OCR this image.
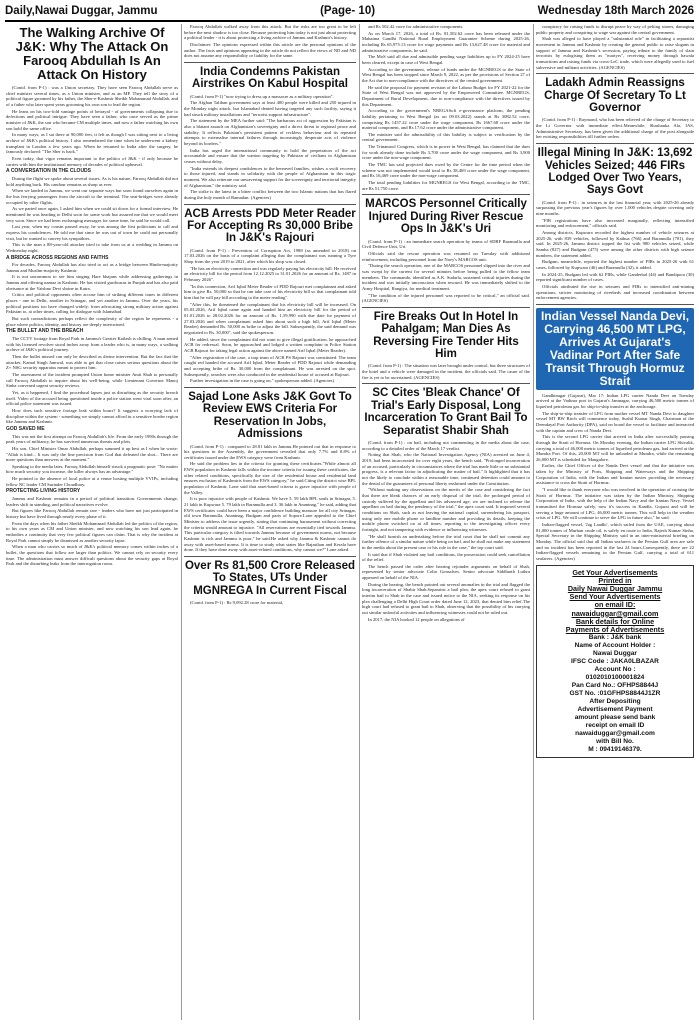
Daily,Nawai Duggar, Jammu	(Page- 10)	Wednesday 18th March 2026
The Walking Archive Of J&K: Why The Attack On Farooq Abdullah Is An Attack On History

(Contd. from P-1) : was a Union secretary. They have seen Farooq Abdullah serve as chief minister several times, as a Union minister, and as an MP. They tell the story of a political figure groomed by his father, the Sher-e-Kashmir Sheikh Mohammad Abdullah, and of a father who later spent years grooming his own son to lead the region.

He leans on his two-fold vantage points of betrayal - of governments collapsing due to defections and political intrigue. They have seen a father, who once served as the prime minister of J&K, the son who became CM multiple times, and now a father watching his own son hold the same office.

In many ways, as I sat there at 90,000 feet, it felt as though I was sitting next to a living archive of J&K's political history. I also remembered the time when he underwent a kidney transplant in London a few years ago. When he returned to India after the surgery, he famously declared: "The Sher is back."

Even today, that vigor remains important to the politics of J&K - if only because he carries with him the institutional memory of decades of political upheaval.

A CONVERSATION IN THE CLOUDS

During the flight we spoke about several issues. As is his nature, Farooq Abdullah did not hold anything back. His candour remains as sharp as ever.

When we landed in Jammu, we went our separate ways but soon found ourselves again in the bus ferrying passengers from the aircraft to the terminal. The seat-bridges were already occupied by other flights.

As we parted once again, I asked him when we could sit down for a formal interview. He mentioned he was heading to Delhi soon for some work but assured me that we would meet very soon. Since we had been exchanging messages for some time, he said he would call.

Last year, when my cousin passed away, he was among the first politicians to call and express his condolences. He told me that since he was out of town he could not personally visit, but he wanted to convey his sympathies.

This is the man a 88-year-old attacker tried to take from us at a wedding in Jammu on Wednesday night.

A BRIDGE ACROSS REGIONS AND FAITHS

For decades, Farooq Abdullah has also tried to act as a bridge between Hindu-majority Jammu and Muslim-majority Kashmir.

It is not uncommon to see him singing Hare bhajans while addressing gatherings in Jammu and offering namaz in Kashmir. He has visited gurdwaras in Punjab and has also paid obeisance at the Vaishno Devi shrine in Katra.

Critics and political opponents often accuse him of striking different tones in different places - one in Delhi, another in Srinagar, and yet another in Jammu. Over the years, his political positions too have changed widely: from advocating strong military action against Pakistan to, at other times, calling for dialogue with Islamabad.

But such contradictions perhaps reflect the complexity of the region he represents - a place where politics, identity, and history are deeply intertwined.

THE BULLET AND THE BREACH

The CCTV footage from Royal Park in Jammu's Greater Kailash is chilling. A man armed with his licensed revolver stood inches away from a leader who is, in many ways, a walking archive of J&K's political journey.

Then the bullet missed can only be described as divine intervention. But the fact that the attacker, Kamal Singh Jamwal, was able to get that close raises serious questions about the Z+ NSG security apparatus meant to protect him.

The assessment of the incident prompted Union home minister Amit Shah to personally call Farooq Abdullah to inquire about his well-being, while Lieutenant Governor Manoj Sinha convened urgent security reviews.

Yet, as it happened, I find the procedural lapses just as disturbing as the security breach itself. Video of the accused being questioned inside a police station went viral soon after, an official police statement was issued.

How does such sensitive footage leak within hours? It suggests a worrying lack of discipline within the system - something we simply cannot afford in a sensitive border region like Jammu and Kashmir.

GOD SAVED ME

This was not the first attempt on Farooq Abdullah's life. From the early 1990s through the peak years of militancy, he has survived numerous threats and plots.

His son, Chief Minister Omar Abdullah, perhaps summed it up best as I when he wrote: "Allah is kind... It was only the fine precision from God that defeated the shot... There are more questions than answers at the moment."

Speaking to the media later, Farooq Abdullah himself struck a pragmatic pose: "No matter how much security you increase, the killer always has an advantage."

He pointed to the absence of local police at a venue hosting multiple VVIPs, including fellow NC leader CM Surinder Choudhary.

PROTECTING LIVING HISTORY

Jammu and Kashmir remains in a period of political transition. Governments change, leaders shift in standing, and political narratives evolve.

But figures like Farooq Abdullah remain rare - leaders who have not just participated in history but have lived through nearly every phase of it.

From the days when his father Sheikh Mohammad Abdullah led the politics of the region, to his own years as CM and Union minister, and now watching his son lead again, he embodies a continuity that very few political figures can claim. That is why the incident at Royal Park cannot simply be dismissed as another security lapse.

When a man who carries so much of J&K's political memory comes within inches of a bullet, the questions that follow are larger than politics. We cannot rely on security every time. The administration must answer difficult questions about the security gaps at Royal Park and the disturbing leaks from the interrogation room.

Farooq Abdullah walked away from this attack. But the risks are too great to be left before the next shadow is too close. Because protecting him today is not just about protecting a political leader - it is about protecting a living archive of Jammu and Kashmir's history.

Disclaimer: The opinions expressed within this article are the personal opinions of the author. The facts and opinions appearing in the article do not reflect the views of ND and ND does not assume any responsibility or liability for the same.

India Condemns Pakistan Airstrikes On Kabul Hospital

(Contd. from P-1) "now trying to dress up a massacre as a military operation".

The Afghan Taliban government says at least 400 people were killed and 250 injured in the Monday night attack, but Islamabad denied having targeted any such facility, saying it had struck military installations and "terrorist support infrastructure".

The statement by the MEA further said: "The barbarous act of aggression by Pakistan is also a blatant assault on Afghanistan's sovereignty and a direct threat to regional peace and stability. It reflects Pakistan's persistent pattern of reckless behaviour and its repeated attempts to externalise internal failures through increasingly desperate acts of violence beyond its borders."

India has urged the international community to hold the perpetrators of the act accountable and ensure that the wanton targeting by Pakistan of civilians in Afghanistan ceases without delay.

"India extends its deepest condolences to the bereaved families, wishes a swift recovery to those injured, and stands in solidarity with the people of Afghanistan in this tragic moment. We also reiterate our unwavering support for the sovereignty and territorial integrity of Afghanistan," the ministry said.

The strike is the latest in a bitter conflict between the two Islamic nations that has flared during the holy month of Ramadan. (Agencies)

ACB Arrests PDD Meter Reader For Accepting Rs 30,000 Bribe In J&K's Rajouri

(Contd. from P-1) : Prevention of Corruption Act, 1988 (as amended in 2018) on 17.03.2026 on the basis of a complaint alleging that the complainant was running a Tyre Shop from the year 2019 to 2021, after which his shop was closed.

"He has an electricity connection and was regularly paying his electricity bill. He received an electricity bill for the period from 12.12.2025 to 31.01.2026 for an amount of Rs. 1487 in February 2026".

"In this connection, Arif Iqbal Meter Reader of PDD Rajouri met complainant and asked him to give Rs. 50,000 so that he can take care of his electricity bill so that complainant told him that he will pay bill according to the meter reading".

"After this, he threatened the complainant that his electricity bill will be increased. On 05.03.2026, Arif Iqbal came again and handed him an electricity bill for the period of 01.01.2026 to 28.02.2026 for an amount of Rs. 1,59,990 with due date for payment of 27.03.2026 and when complainant asked him about such a high bill, Arif Iqbal (Meter Reader) demanded Rs. 50,000 as bribe to adjust the bill. Subsequently, the said demand was negotiated to Rs. 30,000", said the spokesperson.

He added, since the complainant did not want to give illegal gratification, he approached ACB for redressal. Soon, he approached and lodged a written complaint in Police Station ACB Rajouri for taking legal action against the above named Arif Iqbal (Meter Reader).

"After registration of the case, a trap team of ACB PS Rajouri was constituted. The team caught red handed the accused Arif Iqbal, Meter Reader of PDD Rajouri while demanding and accepting bribe of Rs. 30,000 from the complainant. He was arrested on the spot. Subsequently, searches were also conducted in the residential house of accused at Rajouri.

Further investigation in the case is going on," spokesperson added. (Agencies)

Sajad Lone Asks J&K Govt To Review EWS Criteria For Reservation In Jobs, Admissions

(Contd. from P-1) : compared to 28.81 lakh in Jammu.He pointed out that in response to his questions in the Assembly, the government revealed that only 7.7% and 8.8% of certificates issued under the EWS category were from Kashmir.

He said the problem lies in the criteria for granting these certificates."While almost all EWS population in Kashmir falls within the income criteria for issuing these certificates, the other related conditions, specifically the size of the residential house and residential land ensures exclusion of Kashmiris from the EWS category," he said.Citing the district wise BPL population of Kashmir, Lone said that asset-based criteria is grave injustice with people of the Valley.

It is poor injustice with people of Kashmir. We have 5. 59 lakh BPL souls in Srinagar, 5. 21 lakh in Kupwara 5. 79 lakh in Baramulla and 3. 36 lakh in Anantnag," he said, adding that EWS certificates could have been a major confidence building measure for all city Srinagar, old town Baramulla, Anantnag, Budgam and parts of Sopore.Lone appealed to the Chief Minister to address the issue urgently, stating that continuing harassment without correcting the criteria would amount to injustice. "All reservations are essentially tied towards Jammu. This particular category is tilted towards Jammu because of government norms, not because Kashmir is rich and Jammu is poor," he said.He asked why Jammu & Kashmir cannot do away with asset-based norms. It is time to study what states like Rajasthan and Kerala have done. If they have done away with asset-related conditions, why cannot we?" Lone asked.

Over Rs 81,500 Crore Released To States, UTs Under MGNREGA In Current Fiscal

(Contd. from P-1) : Rs 9,092.28 crore for material,

and Rs 502.42 crore for administrative components.

As on March 17, 2026, a total of Rs. 81,502.62 crore has been released under the Mahatma Gandhi National Rural Employment Guarantee Scheme during 2025-26, including Rs 65,975.13 crore for wage payments and Rs 13,627.48 crore for material and administrative components, he said.

The MoS said all due and admissible pending wage liabilities up to FY 2024-25 have been cleared, except in case of West Bengal.

According to the government, release of funds under the MGNREGS to the State of West Bengal has been stopped since March 9, 2022, as per the provisions of Section 27 of the Act due to non-compliance with the directives of the central government.

He said the proposal for payment revision of the Labour Budget for FY 2021-22 for the State of West Bengal was not approved by the Empowered Committee. MGNREGS, Department of Rural Development, due to non-compliance with the directives issued by this Department.

According to the government's NREGASoft e-governance platform, the pending liability pertaining to West Bengal (as on 09.03.2022) stands at Rs 3082.52 crore, comprising Rs 1457.22 crore under the wage component, Rs 1667.68 crore under the material component, and Rs 17.62 crore under the administrative component.

The minister said the admissibility of this liability is subject to verification by the central government.

The Trinamool Congress, which is in power in West Bengal, has claimed that the dues for work already done include Rs 3,700 crore under the wage component, and Rs 3,900 crore under the non-wage component.

The TMC has said projected dues owed by the Centre for the time period when the scheme was not implemented would total to Rs 38,469 crore under the wage component, and Rs 16,469 crore under the non-wage component.

The total pending liabilities for MGNREGS for West Bengal, according to the TMC, are Rs 51,750 crore.

MARCOS Personnel Critically Injured During River Rescue Ops In J&K's Uri

(Contd. from P-1) : an immediate search operation by teams of SDRF Baramulla and Civil Defence Unit, Uri.

Officials said the rescue operation was resumed on Tuesday with additional reinforcement, including personnel from the Navy's MARCOS unit.

"During the search operation, one of the MARCOS personnel slipped into the river and was swept by the current for several minutes before being pulled to the fellow team members. The commando, identified as A.K. Sudarla, sustained critical injuries during the incident and was initially unconscious when rescued. He was immediately shifted to the Army Hospital, Rangiya, for medical treatment.

"The condition of the injured personnel was reported to be critical," an official said. (AGENCIES)

Fire Breaks Out In Hotel In Pahalgam; Man Dies As Reversing Fire Tender Hits Him

(Contd. from P-1) : The situation was later brought under control, but three structures of the hotel and a vehicle were damaged in the incident, the officials said. The cause of the fire is yet to be ascertained. (AGENCIES)

SC Cites 'Bleak Chance' Of Trial's Early Disposal, Long Incarceration To Grant Bail To Separatist Shabir Shah

(Contd. from P-1) : on bail, including not commenting in the media about the case, according to a detailed order of the March 17 verdict.

Noting that Shah, who the National Investigation Agency (NIA) arrested on June 4, 2019, had been incarcerated for over eight years, the bench said, "Prolonged incarceration of an accused, particularly in circumstances where the trial has made little or no substantial progress, is a relevant factor in adjudicating the matter of bail." It highlighted that it has not the likely to conclude within a reasonable time, continued detention could amount to the denial of the guarantees of personal liberty enshrined under the Constitution.

"Without making any observations on the merits of the case and considering the fact that there are bleak chances of an early disposal of the trial, the prolonged period of custody suffered by the appellant and his advanced age, we are inclined to release the appellant on bail during the pendency of the trial," the apex court said. It imposed several conditions on Shah, such as not leaving the national capital, surrendering his passport, using only one mobile phone or landline number and providing its details, keeping the mobile phone switched on at all times, reporting to the investigating officer every fortnight, and not tampering with evidence or influencing witnesses.

"He shall furnish an undertaking before the trial court that he shall not commit any further offence of a similar nature while being on bail, and he shall not make any statement in the media about the present case or his role in the case," the top court said.

It said that if Shah violated any bail conditions, the prosecution could seek cancellation of the relief.

The bench passed the order after hearing rejoinder arguments on behalf of Shah, represented by senior advocate Colin Gonsalves. Senior advocate Siddharth Luthra appeared on behalf of the NIA.

During the hearing, the bench pointed out several anomalies in the trial and flagged the long incarceration of Shabir Shah.Separatist a bail plea, the apex court refused to grant interim bail to Shah in the case and issued notice to the NIA, seeking its response on his plea challenging a Delhi High Court order dated June 12, 2023, that denied him relief.The high court had refused to grant bail to Shah, observing that the possibility of his carrying out similar unlawful activities and influencing witnesses could not be ruled out.

In 2017, the NIA booked 12 people on allegations of

conspiracy for raising funds to disrupt peace by way of pelting stones, damaging public property and conspiring to wage war against the central government.

Shah was alleged to have played a "substantial role" in facilitating a separatist movement in Jammu and Kashmir by creating the general public to raise slogans in support of Jammu and Kashmir's secession, paying tribute to the family of slain terrorists by eulogising them as "martyrs", receiving money through hawala transactions and raising funds via cross-LoC trade, which were allegedly used to fuel subversive and militant activities. (AGENCIES)

Ladakh Admin Reassigns Charge Of Secretary To Lt Governor

(Contd. from P-1) : Raymond, who has been relieved of the charge of Secretary to the Lt Governor with immediate effect.Meanwhile, Shashanka Ala, IAS, Administrative Secretary, has been given the additional charge of the post alongside her existing responsibilities till further orders.

Illegal Mining In J&K: 13,692 Vehicles Seized; 446 FIRs Lodged Over Two Years, Says Govt

(Contd. from P-1) : in seizures in the last financial year, with 2025-26 already surpassing the previous year's figures by over 1,000 vehicles despite covering only nine months.

"FIR registrations have also increased marginally, reflecting intensified monitoring and enforcement," officials said.

Among districts, Kupwara recorded the highest number of vehicle seizures at 2025-26, with 839 vehicles, followed by Kathua (766) and Baramulla (701), they said. In 2025-26, Jammu district topped the list with 980 vehicles seized, while Samba (827) and Budgam (475) were among the other districts with high seizure numbers, the statement added.

Budgam, meanwhile, reported the highest number of FIRs in 2025-26 with 61 cases, followed by Kupwara (46) and Baramulla (32), it added.

In 2024-25, Budgam led with 62 FIRs, while Ganderbal (44) and Bandipora (30) reported significant number of cases.

Officials attributed the rise in seizures and FIRs to intensified anti-mining operations, stricter monitoring of riverbeds and increased coordination between enforcement agencies.

Indian Vessel Nanda Devi, Carrying 46,500 MT LPG, Arrives At Gujarat's Vadinar Port After Safe Transit Through Hormuz Strait

Gandhinagar (Gujarat), Mar 17: Indian LPG carrier Nanda Devi on Tuesday arrived at the Vadinar port in Gujarat's Jamnagar, carrying 46,500 metric tonnes of liquefied petroleum gas for ship-to-ship transfer at the anchorage.

The ship-to-ship transfer of LPG from mother vessel MT Nanda Devi to daughter vessel MT BW Birch will commence today, Sushil Kumar Singh, Chairman of the Deendayal Port Authority (DPA), said on board the vessel to facilitate and interacted with the captain and crew of Nanda Devi.

This is the second LPG carrier that arrived in India after successfully passing through the Strait of Hormuz. On Monday evening, the Indian carrier LPG Shivalik, carrying a total of 46,000 metric tonnes of liquefied petroleum gas, had arrived at the Mundra Port. Of this, 20,000 MT will be unloaded at Mundra, while the remaining 26,000 MT is scheduled for Mangalore.

Earlier, the Chief Officer of the Nanda Devi vessel and that the initiative was taken by the Ministry of Ports, Shipping and Waterways and the Shipping Corporation of India, with the Indian and Iranian navies providing the necessary assistance to cross the Strait of Hormuz.

"I would like to thank everyone who was involved in the operation of crossing the Strait of Hormuz. The initiative was taken by the Indian Ministry, Shipping Corporation of India, with the help of the Indian Navy and the Iranian Navy. Vessel transmitted the Hormuz safely, now it's success in Kandla, Gujarat and will be serving a huge amount of LPG, 46,000 metric tonnes. This will help in the weather crisis of LPG. We will continue to serve the LPG in future also," he said.

Indian-flagged vessel, 'Jag Laadki', which sailed from the UAE, carrying about 81,000 tonnes of Murban crude oil, is safely en route to India, Rajesh Kumar Sinha, Special Secretary in the Shipping Ministry said in an inter-ministerial briefing on Monday. The official said that all Indian seafarers in the Persian Gulf area are safe and no incident has been reported in the last 24 hours.Consequently, there are 22 Indian-flagged vessels remaining in the Persian Gulf, carrying a total of 611 seafarers. (Agencies)

Get Your Advertisements
Printed in
Daily Nawai Duggar Jammu
Send Your Advertisements
on email ID:
nawaiduggar@gmail.com
Bank details for Online
Payments of Advertisements
Bank : J&K bank
Name of Account Holder :
Nawai Duggar
IFSC Code : JAKA0LBAZAR
Account No :
0102010100001824
Pan Card No.: OFHPS8844J
GST No. :01GFHPS8844J1ZR
After Depositing
Advertisement Payment
amount please send bank
receipt on email ID
nawaiduggar@gmail.com
with Bill No.
M : 09419146379.
